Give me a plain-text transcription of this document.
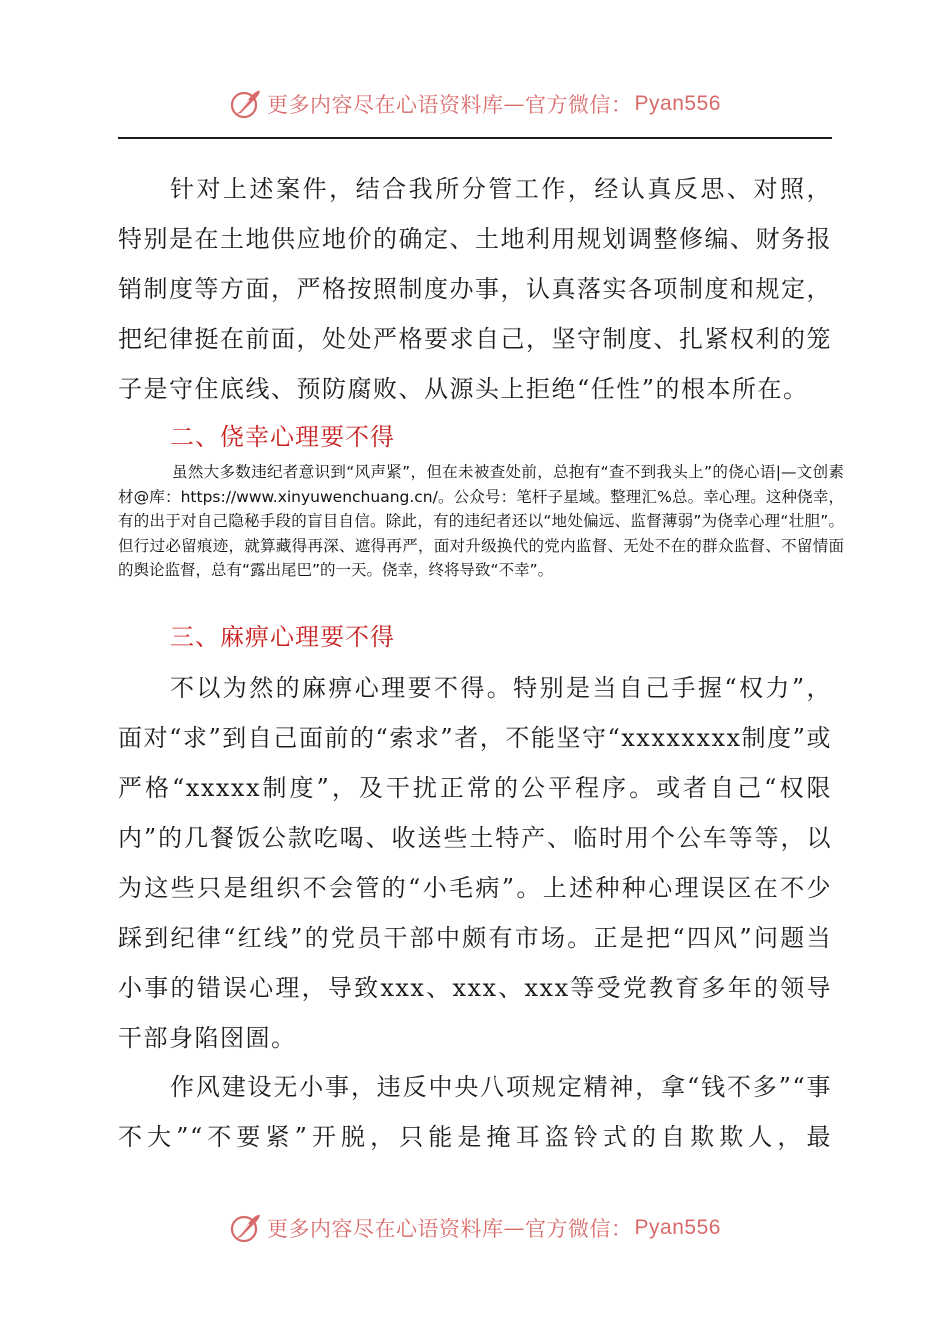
更多内容尽在心语资料库 — 官方微信： Pyan556

针对上述案件，结合我所分管工作，经认真反思、对照，特别是在土地供应地价的确定、土地利用规划调整修编、财务报销制度等方面，严格按照制度办事，认真落实各项制度和规定，把纪律挺在前面，处处严格要求自己，坚守制度、扎紧权利的笼子是守住底线、预防腐败、从源头上拒绝“任性”的根本所在。

二、侥幸心理要不得

虽然大多数违纪者意识到“风声紧”，但在未被查处前，总抱有“查不到我头上”的侥心语|—文创素材@库：https://www.xinyuwenchuang.cn/。公众号：笔杆子星域。整理汇%总。幸心理。这种侥幸，有的出于对自己隐秘手段的盲目自信。除此，有的违纪者还以“地处偏远、监督薄弱”为侥幸心理“壮胆”。但行过必留痕迹，就算藏得再深、遮得再严，面对升级换代的党内监督、无处不在的群众监督、不留情面的舆论监督，总有“露出尾巴”的一天。侥幸，终将导致“不幸”。

三、麻痹心理要不得

不以为然的麻痹心理要不得。特别是当自己手握“权力”，面对“求”到自己面前的“索求”者，不能坚守“xxxxxxxx制度”或严格“xxxxx制度”，及干扰正常的公平程序。或者自己“权限内”的几餐饭公款吃喝、收送些土特产、临时用个公车等等，以为这些只是组织不会管的“小毛病”。上述种种心理误区在不少踩到纪律“红线”的党员干部中颇有市场。正是把“四风”问题当小事的错误心理，导致xxx、xxx、xxx等受党教育多年的领导干部身陷囹圄。

作风建设无小事，违反中央八项规定精神，拿“钱不多”“事不大”“不要紧”开脱，只能是掩耳盗铃式的自欺欺人，最

更多内容尽在心语资料库 — 官方微信： Pyan556
